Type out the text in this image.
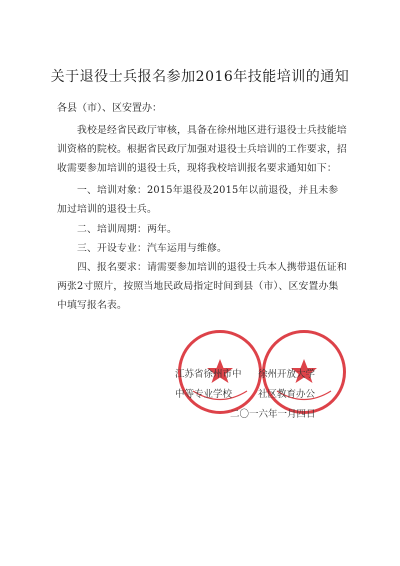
关于退役士兵报名参加2016年技能培训的通知
各县（市）、区安置办：
我校是经省民政厅审核，具备在徐州地区进行退役士兵技能培训资格的院校。根据省民政厅加强对退役士兵培训的工作要求，招收需要参加培训的退役士兵，现将我校培训报名要求通知如下：
一、培训对象：2015年退役及2015年以前退役，并且未参加过培训的退役士兵。
二、培训周期：两年。
三、开设专业：汽车运用与维修。
四、报名要求：请需要参加培训的退役士兵本人携带退伍证和两张2寸照片，按照当地民政局指定时间到县（市）、区安置办集中填写报名表。
江苏省徐州市中 徐州开放大学
中等专业学校	社区教育办公
二〇一六年一月四日
